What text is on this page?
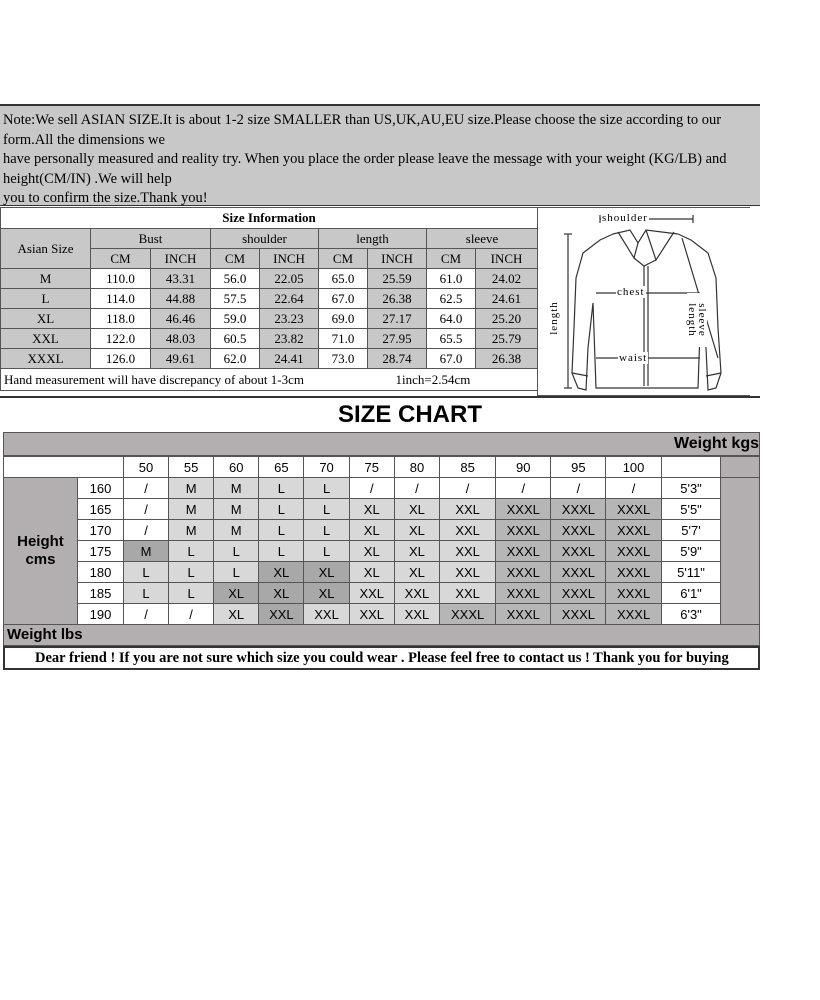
Note:We sell ASIAN SIZE.It is about 1-2 size SMALLER than US,UK,AU,EU size.Please choose the size according to our
form.All the dimensions we
have personally measured and reality try. When you place the order please leave the message with your weight (KG/LB) and
height(CM/IN) .We will help
you to confirm the size.Thank you!
Size Information								
Asian Size	Bust		shoulder		length		sleeve	
	CM	INCH	CM	INCH	CM	INCH	CM	INCH
M	110.0	43.31	56.0	22.05	65.0	25.59	61.0	24.02
L	114.0	44.88	57.5	22.64	67.0	26.38	62.5	24.61
XL	118.0	46.46	59.0	23.23	69.0	27.17	64.0	25.20
XXL	122.0	48.03	60.5	23.82	71.0	27.95	65.5	25.79
XXXL	126.0	49.61	62.0	24.41	73.0	28.74	67.0	26.38
Hand measurement will have discrepancy of about 1-3cm 1inch=2.54cm								
shoulder
chest
waist
length	sleeve length
SIZE CHART
Weight kgs
		50	55	60	65	70	75	80	85	90	95	100		
Height cms	160	/	M	M	L	L	/	/	/	/	/	/	5'3"	
	165	/	M	M	L	L	XL	XL	XXL	XXXL	XXXL	XXXL	5'5"	
	170	/	M	M	L	L	XL	XL	XXL	XXXL	XXXL	XXXL	5'7'	
	175	M	L	L	L	L	XL	XL	XXL	XXXL	XXXL	XXXL	5'9"	
	180	L	L	L	XL	XL	XL	XL	XXL	XXXL	XXXL	XXXL	5'11"	
	185	L	L	XL	XL	XL	XXL	XXL	XXL	XXXL	XXXL	XXXL	6'1"	
	190	/	/	XL	XXL	XXL	XXL	XXL	XXXL	XXXL	XXXL	XXXL	6'3"	

Weight lbs
Dear friend ! If you are not sure which size you could wear . Please feel free to contact us ! Thank you for buying
